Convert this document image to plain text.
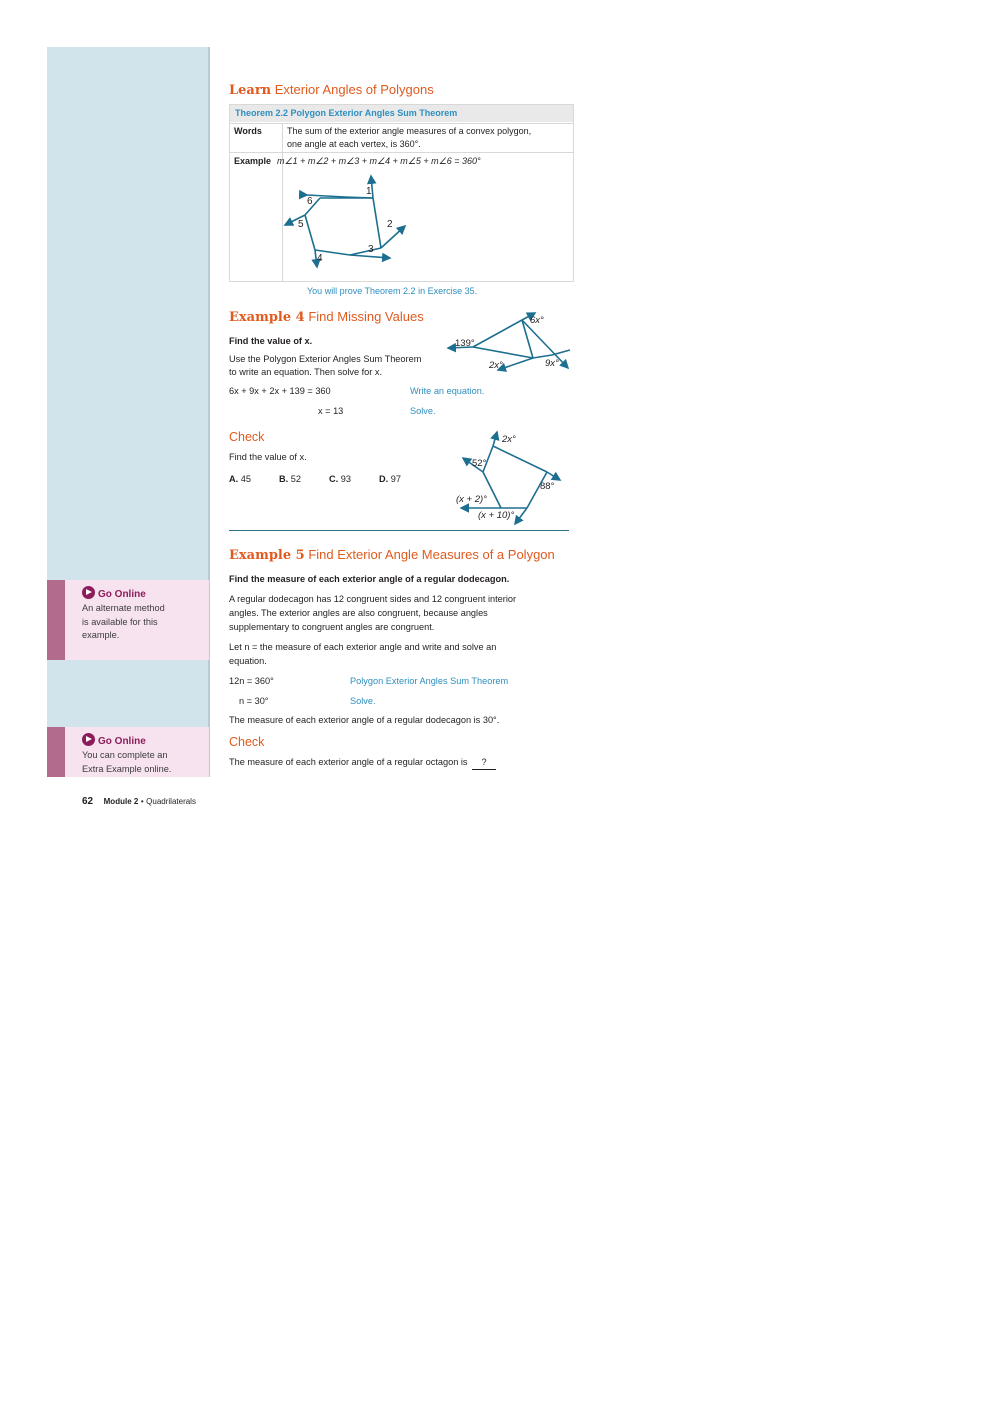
Go Online
An alternate method
is available for this
example.
Go Online
You can complete an
Extra Example online.
Learn Exterior Angles of Polygons
Theorem 2.2 Polygon Exterior Angles Sum Theorem
Words	The sum of the exterior angle measures of a convex polygon,
one angle at each vertex, is 360°.
Example m∠1 + m∠2 + m∠3 + m∠4 + m∠5 + m∠6 = 360°
1
2
3
4
5
6
You will prove Theorem 2.2 in Exercise 35.
Example 4 Find Missing Values
Find the value of x.
Use the Polygon Exterior Angles Sum Theorem
to write an equation. Then solve for x.
6x + 9x + 2x + 139 = 360	Write an equation.
x = 13	Solve.
6x°
139°
2x°	9x°
Check
Find the value of x.
A. 45	B. 52	C. 93	D. 97
2x°
52°
88°
(x + 2)°
(x + 10)°
Example 5 Find Exterior Angle Measures of a Polygon
Find the measure of each exterior angle of a regular dodecagon.
A regular dodecagon has 12 congruent sides and 12 congruent interior
angles. The exterior angles are also congruent, because angles
supplementary to congruent angles are congruent.
Let n = the measure of each exterior angle and write and solve an
equation.
12n = 360°	Polygon Exterior Angles Sum Theorem
n = 30°	Solve.
The measure of each exterior angle of a regular dodecagon is 30°.
Check
The measure of each exterior angle of a regular octagon is ?
62 Module 2 • Quadrilaterals
